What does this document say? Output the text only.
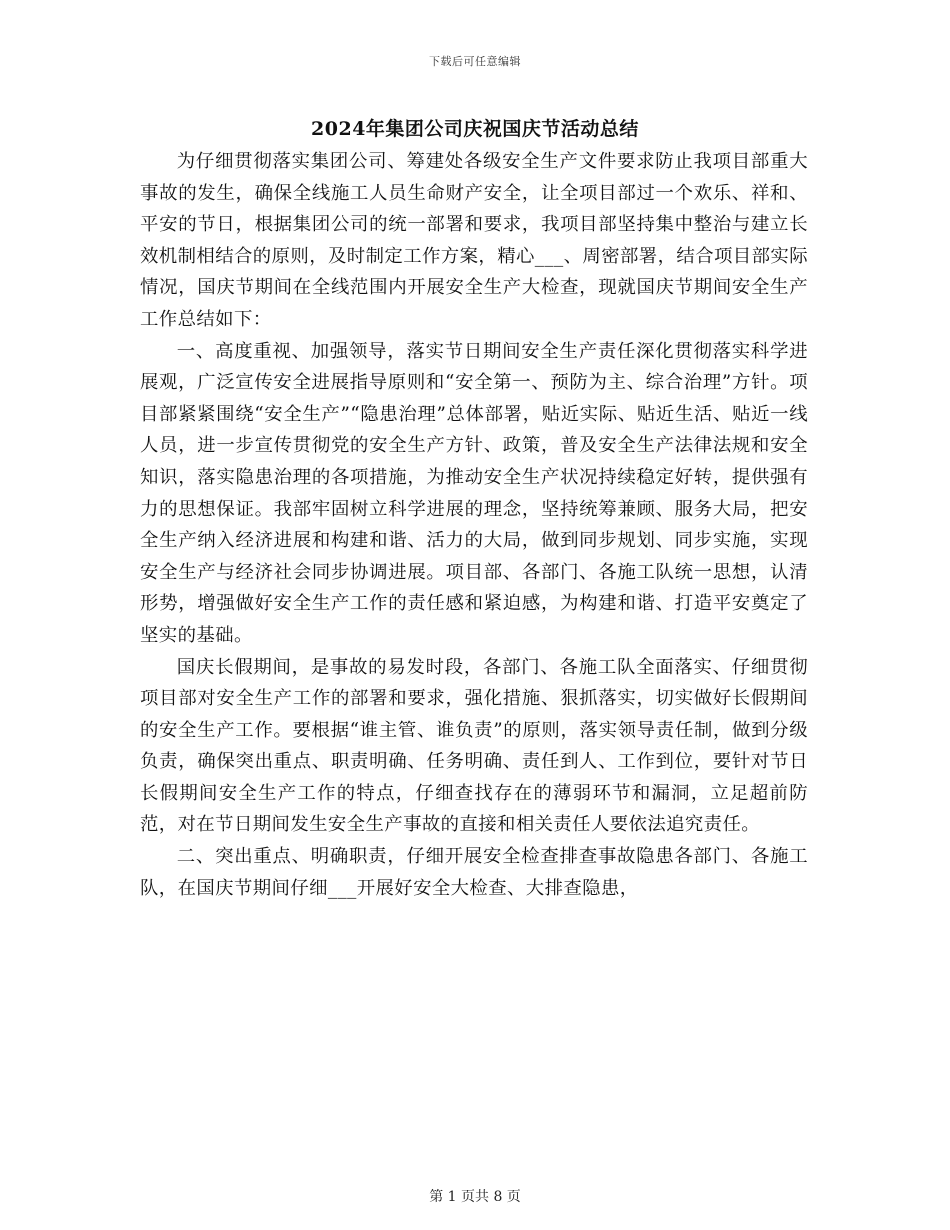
下载后可任意编辑
2024年集团公司庆祝国庆节活动总结

为仔细贯彻落实集团公司、筹建处各级安全生产文件要求防止我项目部重大事故的发生，确保全线施工人员生命财产安全，让全项目部过一个欢乐、祥和、平安的节日，根据集团公司的统一部署和要求，我项目部坚持集中整治与建立长效机制相结合的原则，及时制定工作方案，精心___、周密部署，结合项目部实际情况，国庆节期间在全线范围内开展安全生产大检查，现就国庆节期间安全生产工作总结如下：

一、高度重视、加强领导，落实节日期间安全生产责任深化贯彻落实科学进展观，广泛宣传安全进展指导原则和“安全第一、预防为主、综合治理”方针。项目部紧紧围绕“安全生产”“隐患治理”总体部署，贴近实际、贴近生活、贴近一线人员，进一步宣传贯彻党的安全生产方针、政策，普及安全生产法律法规和安全知识，落实隐患治理的各项措施，为推动安全生产状况持续稳定好转，提供强有力的思想保证。我部牢固树立科学进展的理念，坚持统筹兼顾、服务大局，把安全生产纳入经济进展和构建和谐、活力的大局，做到同步规划、同步实施，实现安全生产与经济社会同步协调进展。项目部、各部门、各施工队统一思想，认清形势，增强做好安全生产工作的责任感和紧迫感，为构建和谐、打造平安奠定了坚实的基础。

国庆长假期间，是事故的易发时段，各部门、各施工队全面落实、仔细贯彻项目部对安全生产工作的部署和要求，强化措施、狠抓落实，切实做好长假期间的安全生产工作。要根据“谁主管、谁负责”的原则，落实领导责任制，做到分级负责，确保突出重点、职责明确、任务明确、责任到人、工作到位，要针对节日长假期间安全生产工作的特点，仔细查找存在的薄弱环节和漏洞，立足超前防范，对在节日期间发生安全生产事故的直接和相关责任人要依法追究责任。

二、突出重点、明确职责，仔细开展安全检查排查事故隐患各部门、各施工队，在国庆节期间仔细___开展好安全大检查、大排查隐患，

第 1 页共 8 页
